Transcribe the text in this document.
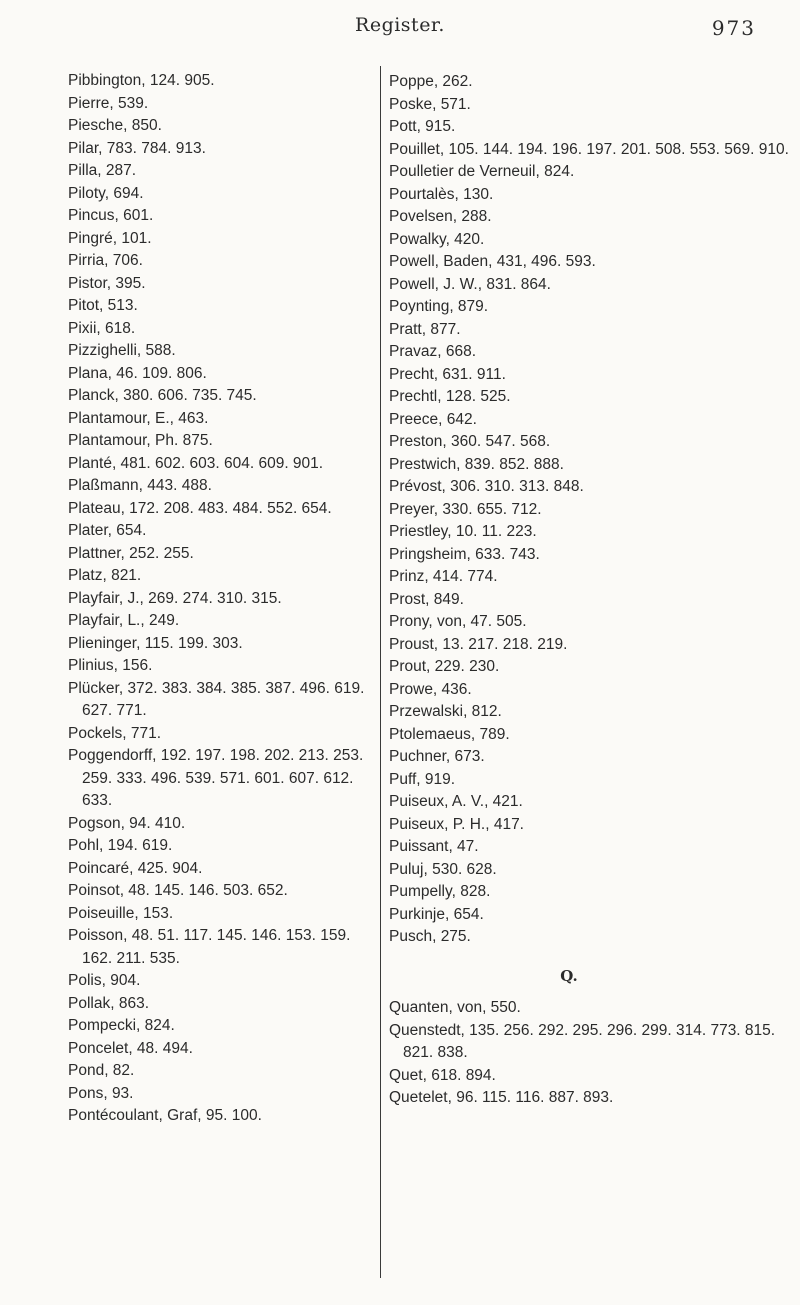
Register.	973

Pibbington, 124. 905.

Pierre, 539.

Piesche, 850.

Pilar, 783. 784. 913.

Pilla, 287.

Piloty, 694.

Pincus, 601.

Pingré, 101.

Pirria, 706.

Pistor, 395.

Pitot, 513.

Pixii, 618.

Pizzighelli, 588.

Plana, 46. 109. 806.

Planck, 380. 606. 735. 745.

Plantamour, E., 463.

Plantamour, Ph. 875.

Planté, 481. 602. 603. 604. 609. 901.

Plaßmann, 443. 488.

Plateau, 172. 208. 483. 484. 552. 654.

Plater, 654.

Plattner, 252. 255.

Platz, 821.

Playfair, J., 269. 274. 310. 315.

Playfair, L., 249.

Plieninger, 115. 199. 303.

Plinius, 156.

Plücker, 372. 383. 384. 385. 387. 496. 619. 627. 771.

Pockels, 771.

Poggendorff, 192. 197. 198. 202. 213. 253. 259. 333. 496. 539. 571. 601. 607. 612. 633.

Pogson, 94. 410.

Pohl, 194. 619.

Poincaré, 425. 904.

Poinsot, 48. 145. 146. 503. 652.

Poiseuille, 153.

Poisson, 48. 51. 117. 145. 146. 153. 159. 162. 211. 535.

Polis, 904.

Pollak, 863.

Pompecki, 824.

Poncelet, 48. 494.

Pond, 82.

Pons, 93.

Pontécoulant, Graf, 95. 100.

Poppe, 262.

Poske, 571.

Pott, 915.

Pouillet, 105. 144. 194. 196. 197. 201. 508. 553. 569. 910.

Poulletier de Verneuil, 824.

Pourtalès, 130.

Povelsen, 288.

Powalky, 420.

Powell, Baden, 431, 496. 593.

Powell, J. W., 831. 864.

Poynting, 879.

Pratt, 877.

Pravaz, 668.

Precht, 631. 911.

Prechtl, 128. 525.

Preece, 642.

Preston, 360. 547. 568.

Prestwich, 839. 852. 888.

Prévost, 306. 310. 313. 848.

Preyer, 330. 655. 712.

Priestley, 10. 11. 223.

Pringsheim, 633. 743.

Prinz, 414. 774.

Prost, 849.

Prony, von, 47. 505.

Proust, 13. 217. 218. 219.

Prout, 229. 230.

Prowe, 436.

Przewalski, 812.

Ptolemaeus, 789.

Puchner, 673.

Puff, 919.

Puiseux, A. V., 421.

Puiseux, P. H., 417.

Puissant, 47.

Puluj, 530. 628.

Pumpelly, 828.

Purkinje, 654.

Pusch, 275.

Q.

Quanten, von, 550.

Quenstedt, 135. 256. 292. 295. 296. 299. 314. 773. 815. 821. 838.

Quet, 618. 894.

Quetelet, 96. 115. 116. 887. 893.
